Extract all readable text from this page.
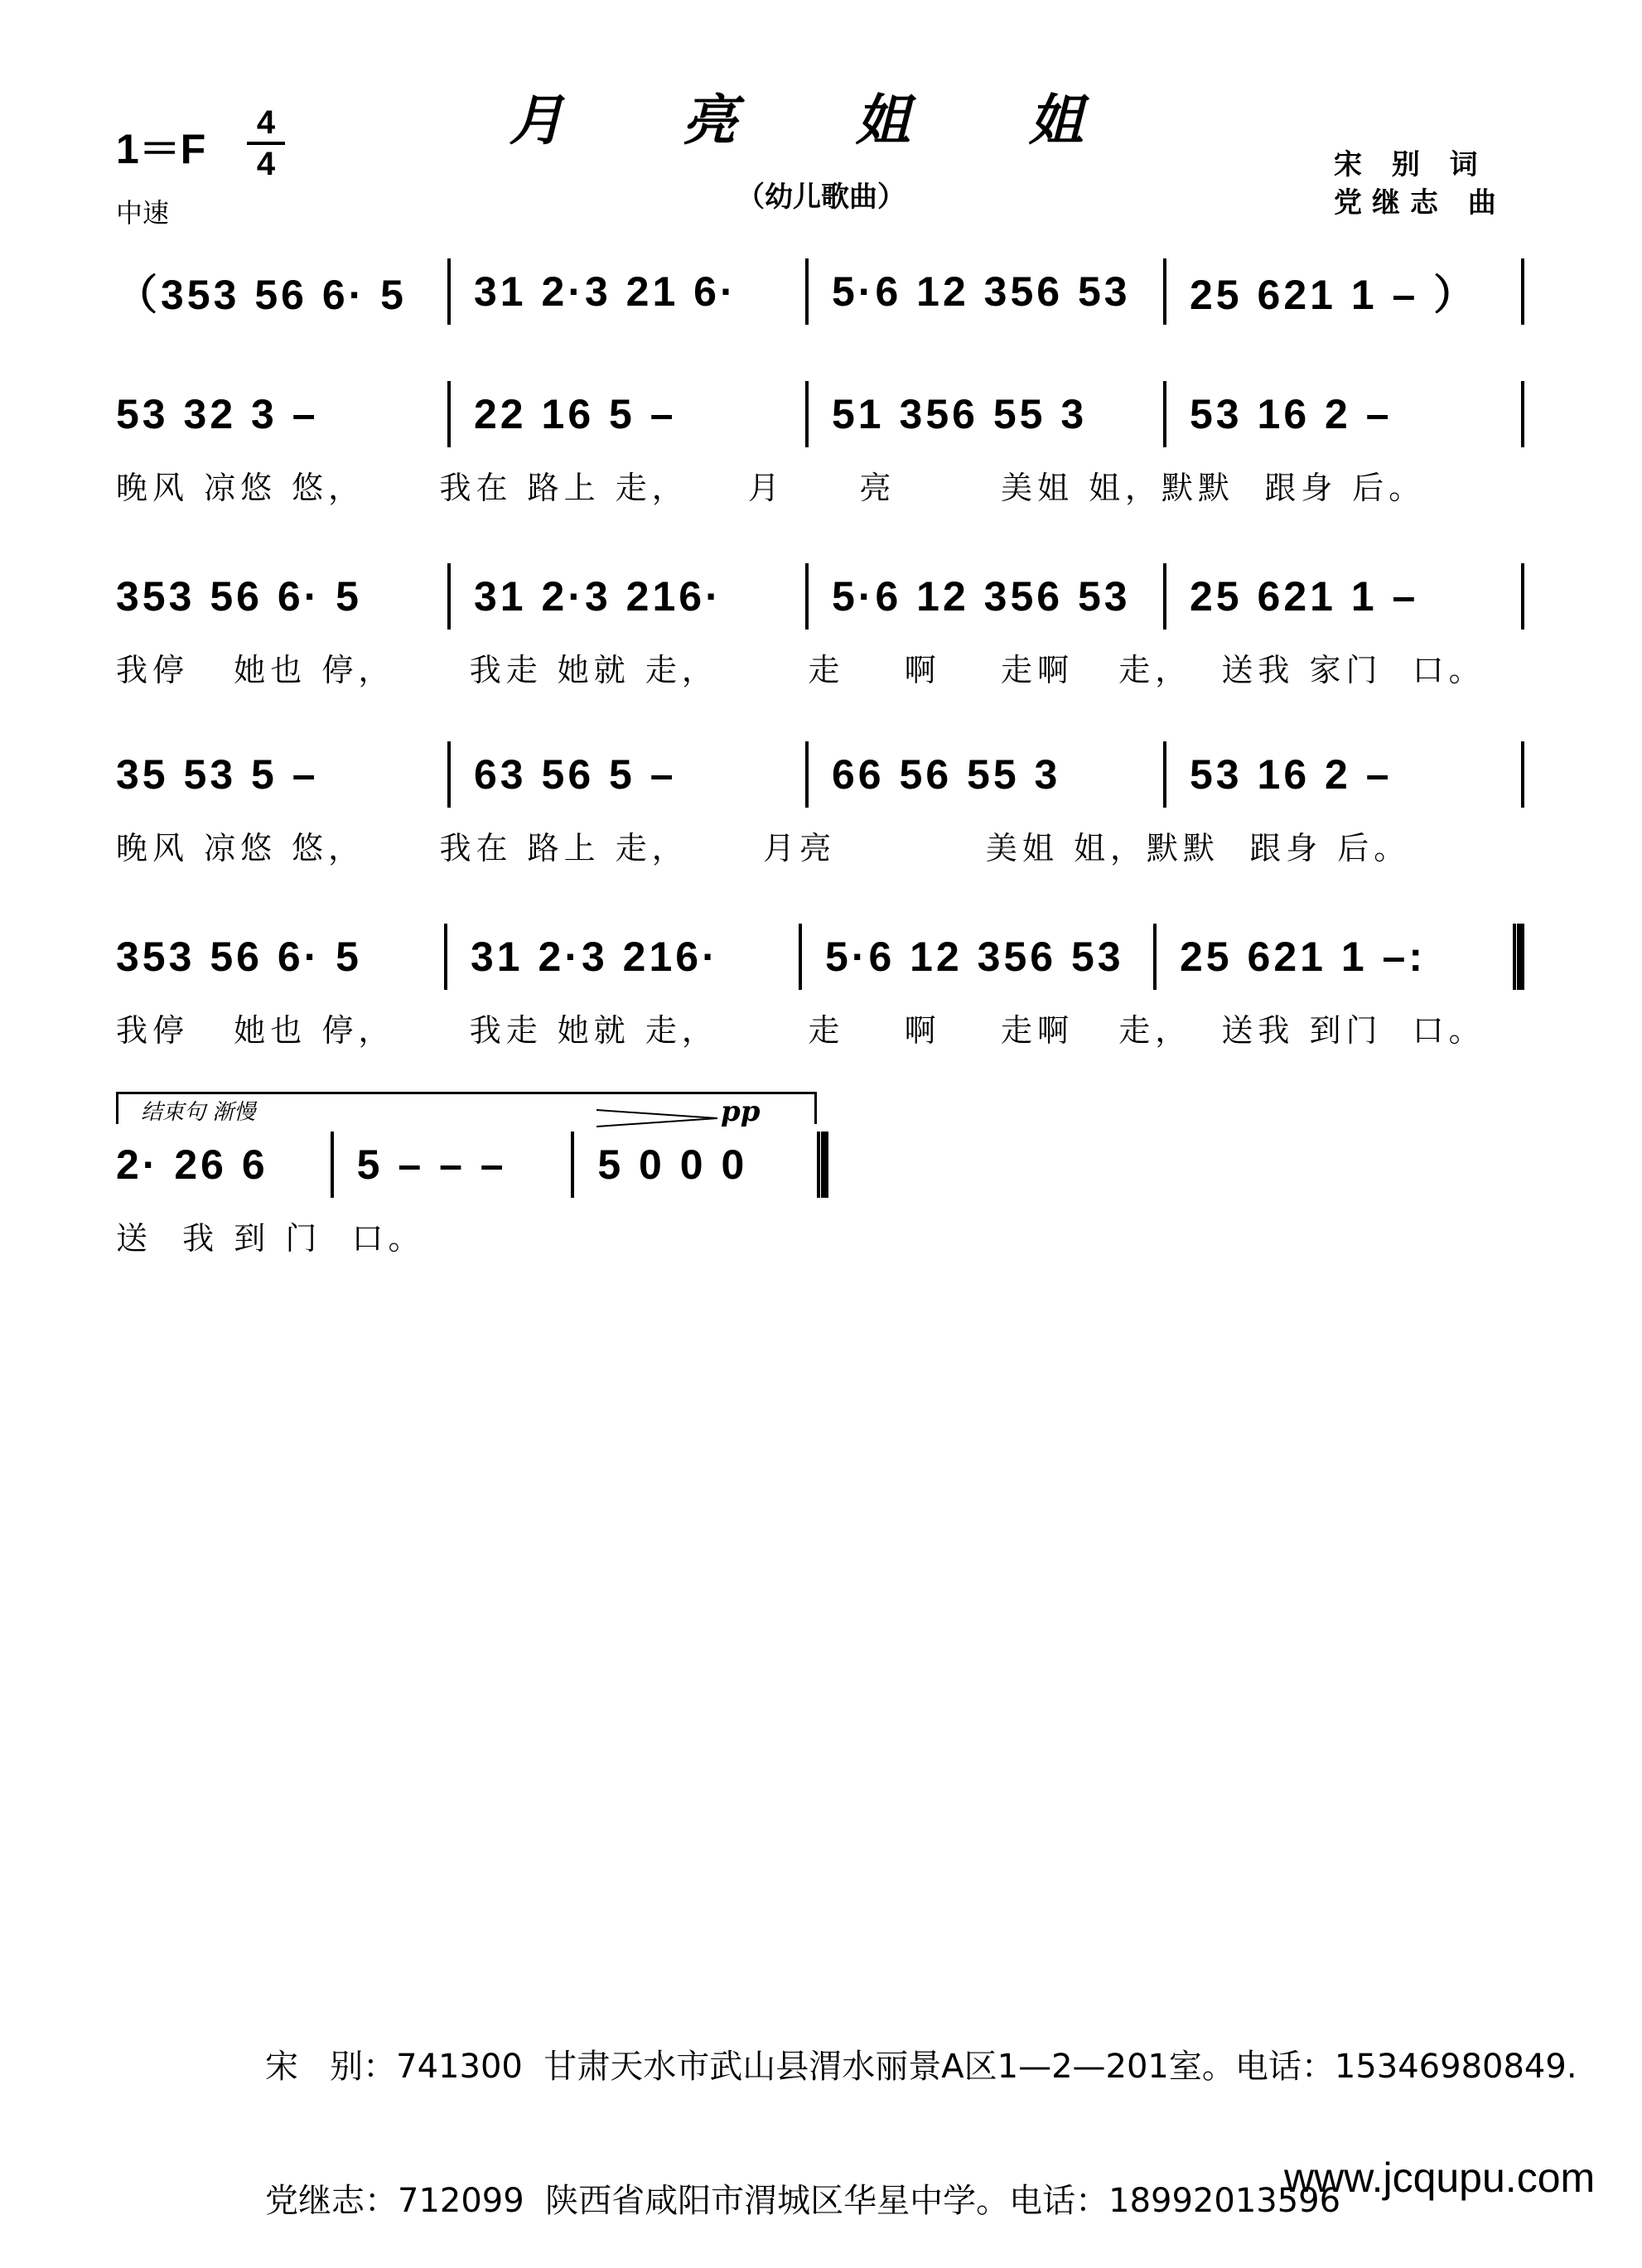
月 亮 姐 姐
（幼儿歌曲）
1＝F
4
4
中速
宋 别 词
党继志 曲
（353 56 6· 5	31 2·3 21 6·	5·6 12 356 53	25 621 1 – ）
53 32 3 –	22 16 5 –	51 356 55 3	53 16 2 –
晚风 凉悠 悠，     我在 路上 走，    月     亮       美姐 姐，默默  跟身 后。
353 56 6· 5	31 2·3 216·	5·6 12 356 53	25 621 1 –
我停   她也 停，     我走 她就 走，      走    啊    走啊   走，  送我 家门  口。
35 53 5 –	63 56 5 –	66 56 55 3	53 16 2 –
晚风 凉悠 悠，     我在 路上 走，     月亮          美姐 姐，默默  跟身 后。
353 56 6· 5	31 2·3 216·	5·6 12 356 53	25 621 1 –:
我停   她也 停，     我走 她就 走，      走    啊    走啊   走，  送我 到门  口。
结束句 渐慢	pp
2· 26 6	5 – – –	5 0 0 0
送  我 到 门  口。

宋   别：741300  甘肃天水市武山县渭水丽景A区1—2—201室。电话：15346980849.

党继志：712099  陕西省咸阳市渭城区华星中学。电话：18992013596

www.jcqupu.com
